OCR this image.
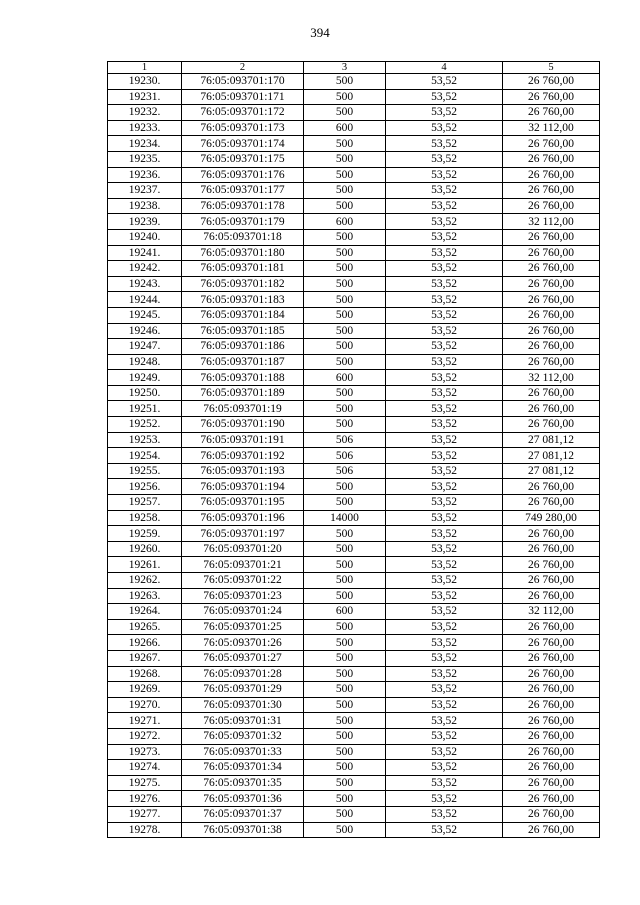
394
1	2	3	4	5
19230.	76:05:093701:170	500	53,52	26 760,00
19231.	76:05:093701:171	500	53,52	26 760,00
19232.	76:05:093701:172	500	53,52	26 760,00
19233.	76:05:093701:173	600	53,52	32 112,00
19234.	76:05:093701:174	500	53,52	26 760,00
19235.	76:05:093701:175	500	53,52	26 760,00
19236.	76:05:093701:176	500	53,52	26 760,00
19237.	76:05:093701:177	500	53,52	26 760,00
19238.	76:05:093701:178	500	53,52	26 760,00
19239.	76:05:093701:179	600	53,52	32 112,00
19240.	76:05:093701:18	500	53,52	26 760,00
19241.	76:05:093701:180	500	53,52	26 760,00
19242.	76:05:093701:181	500	53,52	26 760,00
19243.	76:05:093701:182	500	53,52	26 760,00
19244.	76:05:093701:183	500	53,52	26 760,00
19245.	76:05:093701:184	500	53,52	26 760,00
19246.	76:05:093701:185	500	53,52	26 760,00
19247.	76:05:093701:186	500	53,52	26 760,00
19248.	76:05:093701:187	500	53,52	26 760,00
19249.	76:05:093701:188	600	53,52	32 112,00
19250.	76:05:093701:189	500	53,52	26 760,00
19251.	76:05:093701:19	500	53,52	26 760,00
19252.	76:05:093701:190	500	53,52	26 760,00
19253.	76:05:093701:191	506	53,52	27 081,12
19254.	76:05:093701:192	506	53,52	27 081,12
19255.	76:05:093701:193	506	53,52	27 081,12
19256.	76:05:093701:194	500	53,52	26 760,00
19257.	76:05:093701:195	500	53,52	26 760,00
19258.	76:05:093701:196	14000	53,52	749 280,00
19259.	76:05:093701:197	500	53,52	26 760,00
19260.	76:05:093701:20	500	53,52	26 760,00
19261.	76:05:093701:21	500	53,52	26 760,00
19262.	76:05:093701:22	500	53,52	26 760,00
19263.	76:05:093701:23	500	53,52	26 760,00
19264.	76:05:093701:24	600	53,52	32 112,00
19265.	76:05:093701:25	500	53,52	26 760,00
19266.	76:05:093701:26	500	53,52	26 760,00
19267.	76:05:093701:27	500	53,52	26 760,00
19268.	76:05:093701:28	500	53,52	26 760,00
19269.	76:05:093701:29	500	53,52	26 760,00
19270.	76:05:093701:30	500	53,52	26 760,00
19271.	76:05:093701:31	500	53,52	26 760,00
19272.	76:05:093701:32	500	53,52	26 760,00
19273.	76:05:093701:33	500	53,52	26 760,00
19274.	76:05:093701:34	500	53,52	26 760,00
19275.	76:05:093701:35	500	53,52	26 760,00
19276.	76:05:093701:36	500	53,52	26 760,00
19277.	76:05:093701:37	500	53,52	26 760,00
19278.	76:05:093701:38	500	53,52	26 760,00
